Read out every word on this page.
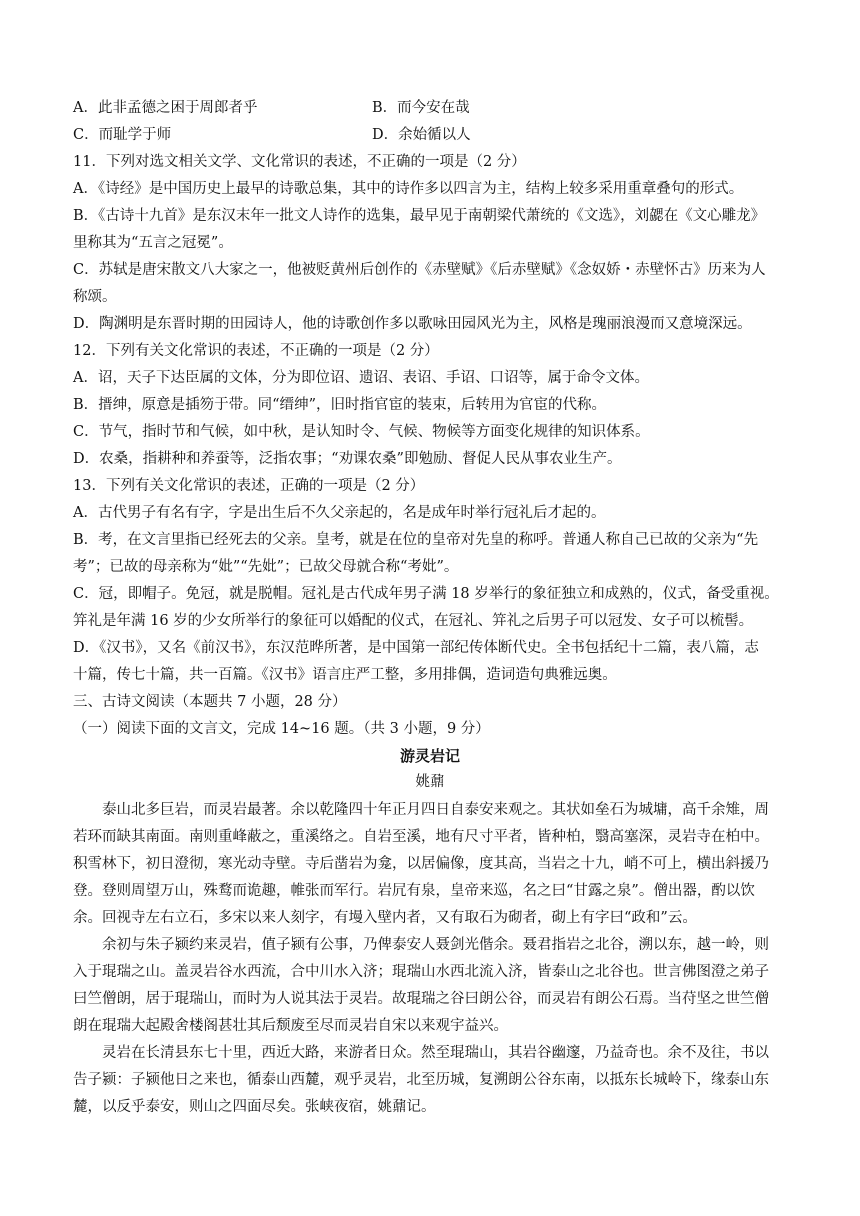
A．此非孟德之困于周郎者乎	B．而今安在哉
C．而耻学于师	D．余始循以人
11．下列对选文相关文学、文化常识的表述，不正确的一项是（2 分）
A．《诗经》是中国历史上最早的诗歌总集，其中的诗作多以四言为主，结构上较多采用重章叠句的形式。
B．《古诗十九首》是东汉末年一批文人诗作的选集，最早见于南朝梁代萧统的《文选》，刘勰在《文心雕龙》
里称其为“五言之冠冕”。
C．苏轼是唐宋散文八大家之一，他被贬黄州后创作的《赤壁赋》《后赤壁赋》《念奴娇・赤壁怀古》历来为人
称颂。
D．陶渊明是东晋时期的田园诗人，他的诗歌创作多以歌咏田园风光为主，风格是瑰丽浪漫而又意境深远。
12．下列有关文化常识的表述，不正确的一项是（2 分）
A．诏，天子下达臣属的文体，分为即位诏、遗诏、表诏、手诏、口诏等，属于命令文体。
B．搢绅，原意是插笏于带。同“缙绅”，旧时指官宦的装束，后转用为官宦的代称。
C．节气，指时节和气候，如中秋，是认知时令、气候、物候等方面变化规律的知识体系。
D．农桑，指耕种和养蚕等，泛指农事；“劝课农桑”即勉励、督促人民从事农业生产。
13．下列有关文化常识的表述，正确的一项是（2 分）
A．古代男子有名有字，字是出生后不久父亲起的，名是成年时举行冠礼后才起的。
B．考，在文言里指已经死去的父亲。皇考，就是在位的皇帝对先皇的称呼。普通人称自己已故的父亲为“先
考”；已故的母亲称为“妣”“先妣”；已故父母就合称“考妣”。
C．冠，即帽子。免冠，就是脱帽。冠礼是古代成年男子满 18 岁举行的象征独立和成熟的，仪式，备受重视。
笄礼是年满 16 岁的少女所举行的象征可以婚配的仪式，在冠礼、笄礼之后男子可以冠发、女子可以梳髻。
D．《汉书》，又名《前汉书》，东汉范晔所著，是中国第一部纪传体断代史。全书包括纪十二篇，表八篇，志
十篇，传七十篇，共一百篇。《汉书》语言庄严工整，多用排偶，造词造句典雅远奥。
三、古诗文阅读（本题共 7 小题，28 分）
（一）阅读下面的文言文，完成 14~16 题。（共 3 小题，9 分）
游灵岩记
姚鼐
泰山北多巨岩，而灵岩最著。余以乾隆四十年正月四日自泰安来观之。其状如垒石为城墉，高千余雉，周
若环而缺其南面。南则重峰蔽之，重溪络之。自岩至溪，地有尺寸平者，皆种柏，翳高塞深，灵岩寺在柏中。
积雪林下，初日澄彻，寒光动寺壁。寺后凿岩为龛，以居偏像，度其高，当岩之十九，峭不可上，横出斜援乃
登。登则周望万山，殊鹜而诡趣，帷张而军行。岩凥有泉，皇帝来巡，名之曰“甘露之泉”。僧出器，酌以饮
余。回视寺左右立石，多宋以来人刻字，有墁入壁内者，又有取石为砌者，砌上有字曰“政和”云。
余初与朱子颍约来灵岩，值子颍有公事，乃俾泰安人聂剑光偕余。聂君指岩之北谷，溯以东，越一岭，则
入于琨瑞之山。盖灵岩谷水西流，合中川水入济；琨瑞山水西北流入济，皆泰山之北谷也。世言佛图澄之弟子
曰竺僧朗，居于琨瑞山，而时为人说其法于灵岩。故琨瑞之谷曰朗公谷，而灵岩有朗公石焉。当苻坚之世竺僧
朗在琨瑞大起殿舍楼阁甚壮其后颓废至尽而灵岩自宋以来观宇益兴。
灵岩在长清县东七十里，西近大路，来游者日众。然至琨瑞山，其岩谷幽邃，乃益奇也。余不及往，书以
告子颍：子颍他日之来也，循泰山西麓，观乎灵岩，北至历城，复溯朗公谷东南，以抵东长城岭下，缘泰山东
麓，以反乎泰安，则山之四面尽矣。张峡夜宿，姚鼐记。
